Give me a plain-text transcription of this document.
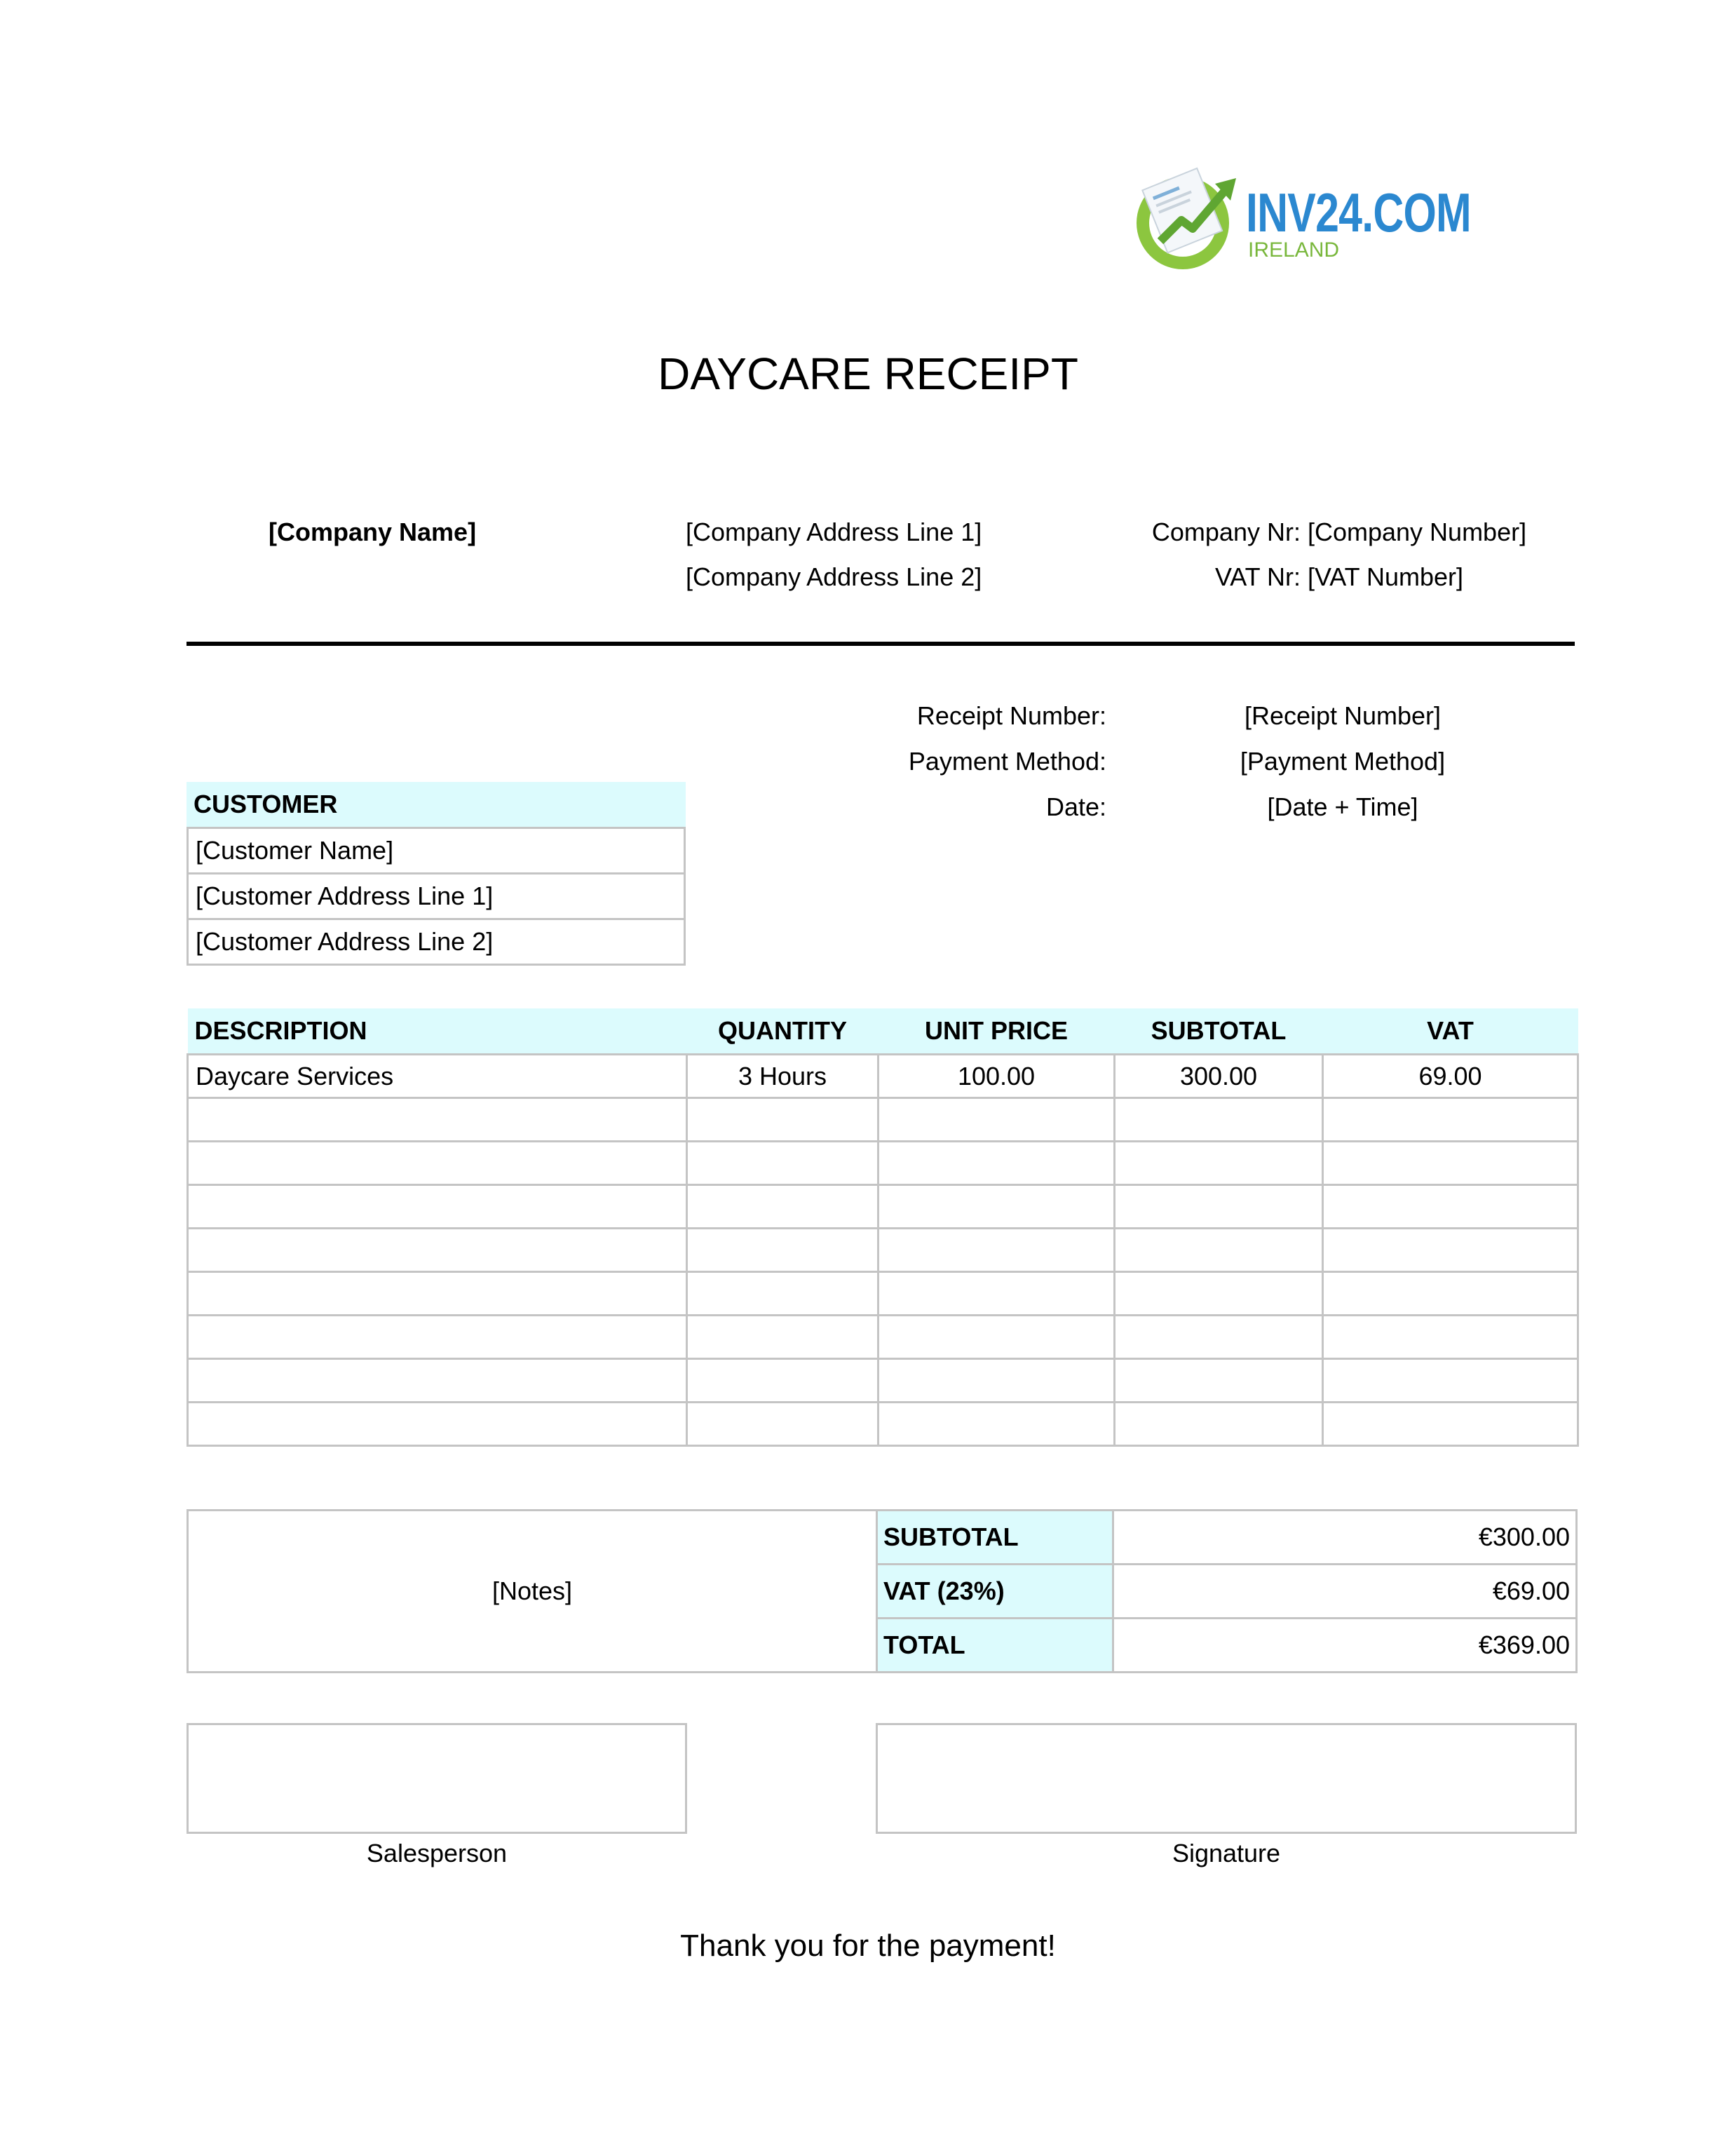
INV24.COM
IRELAND
DAYCARE RECEIPT
[Company Name]	[Company Address Line 1]
[Company Address Line 2]
Company Nr: [Company Number]
VAT Nr: [VAT Number]
Receipt Number:	[Receipt Number]
Payment Method:	[Payment Method]
Date:	[Date + Time]
CUSTOMER
[Customer Name]
[Customer Address Line 1]
[Customer Address Line 2]
DESCRIPTION	QUANTITY	UNIT PRICE	SUBTOTAL	VAT
Daycare Services	3 Hours	100.00	300.00	69.00

[Notes]	SUBTOTAL	€300.00
	VAT (23%)	€69.00
	TOTAL	€369.00
Salesperson	Signature
Thank you for the payment!
